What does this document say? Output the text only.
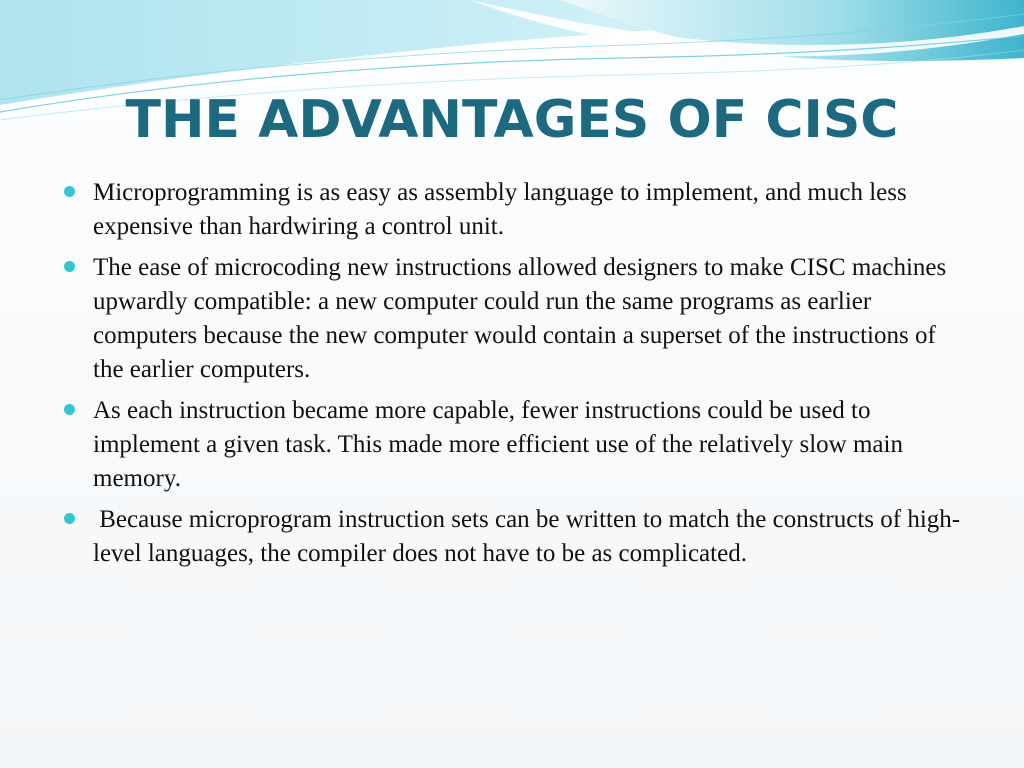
THE ADVANTAGES OF CISC
Microprogramming is as easy as assembly language to implement, and much less expensive than hardwiring a control unit.
The ease of microcoding new instructions allowed designers to make CISC machines upwardly compatible: a new computer could run the same programs as earlier computers because the new computer would contain a superset of the instructions of the earlier computers.
As each instruction became more capable, fewer instructions could be used to implement a given task. This made more efficient use of the relatively slow main memory.
Because microprogram instruction sets can be written to match the constructs of high-level languages, the compiler does not have to be as complicated.
